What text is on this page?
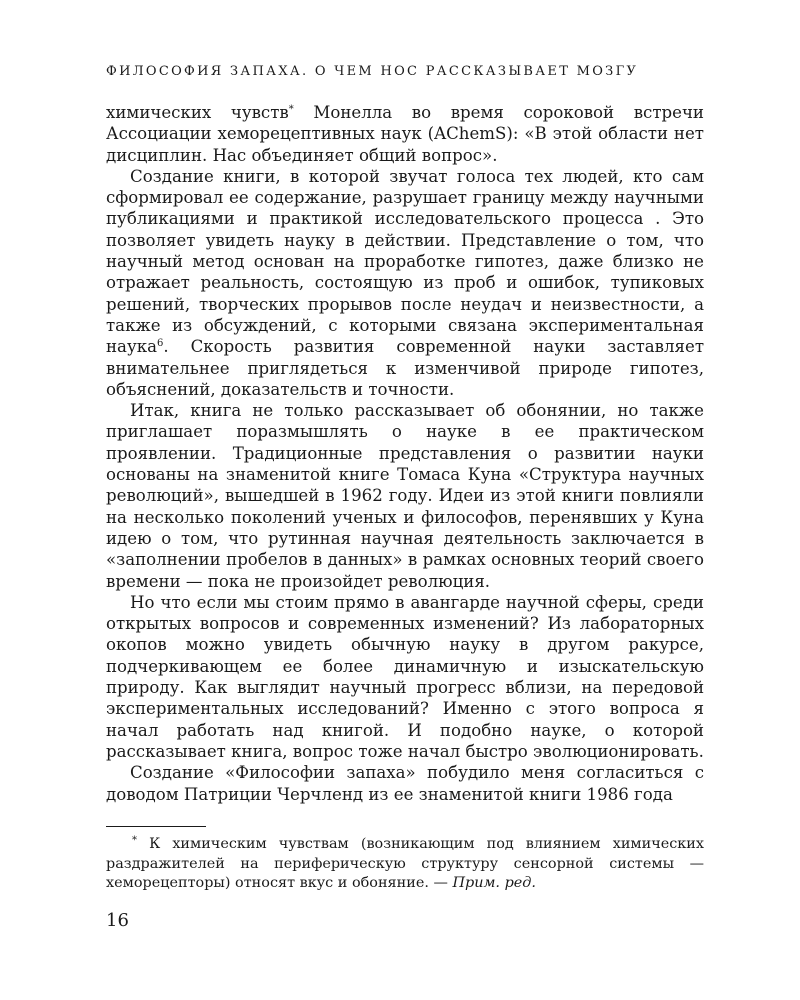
ФИЛОСОФИЯ ЗАПАХА. О ЧЕМ НОС РАССКАЗЫВАЕТ МОЗГУ

химических чувств* Монелла во время сороковой встречи Ассоциации хеморецептивных наук (AChemS): «В этой области нет дисциплин. Нас объединяет общий вопрос».

Создание книги, в которой звучат голоса тех людей, кто сам сформировал ее содержание, разрушает границу между научными публикациями и практикой исследовательского процесса . Это позволяет увидеть науку в действии. Представление о том, что научный метод основан на проработке гипотез, даже близко не отражает реальность, состоящую из проб и ошибок, тупиковых решений, творческих прорывов после неудач и неизвестности, а также из обсуждений, с которыми связана экспериментальная наука$^6$. Скорость развития современной науки заставляет внимательнее приглядеться к изменчивой природе гипотез, объяснений, доказательств и точности.

Итак, книга не только рассказывает об обонянии, но также приглашает поразмышлять о науке в ее практическом проявлении. Традиционные представления о развитии науки основаны на знаменитой книге Томаса Куна «Структура научных революций», вышедшей в 1962 году. Идеи из этой книги повлияли на несколько поколений ученых и философов, перенявших у Куна идею о том, что рутинная научная деятельность заключается в «заполнении пробелов в данных» в рамках основных теорий своего времени — пока не произойдет революция.

Но что если мы стоим прямо в авангарде научной сферы, среди открытых вопросов и современных изменений? Из лабораторных окопов можно увидеть обычную науку в другом ракурсе, подчеркивающем ее более динамичную и изыскательскую природу. Как выглядит научный прогресс вблизи, на передовой экспериментальных исследований? Именно с этого вопроса я начал работать над книгой. И подобно науке, о которой рассказывает книга, вопрос тоже начал быстро эволюционировать.

Создание «Философии запаха» побудило меня согласиться с доводом Патриции Черчленд из ее знаменитой книги 1986 года

* К химическим чувствам (возникающим под влиянием химических раздражителей на периферическую структуру сенсорной системы — хеморецепторы) относят вкус и обоняние. — Прим. ред.

16
